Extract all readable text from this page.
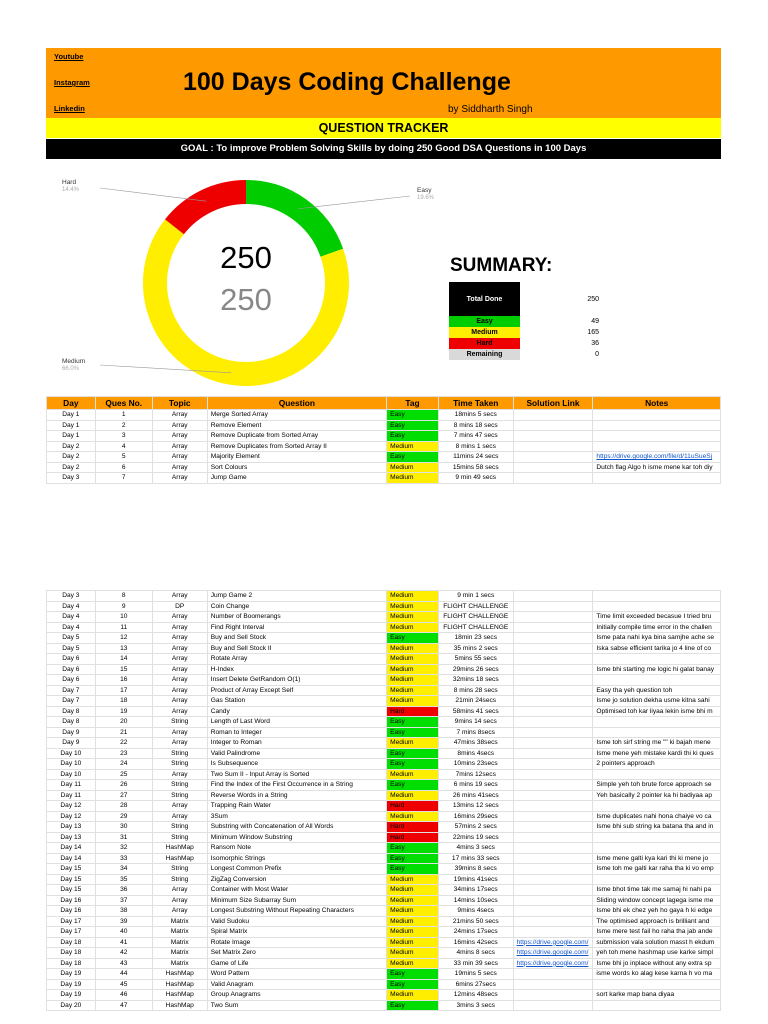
Youtube
Instagram
Linkedin
100 Days Coding Challenge
by Siddharth Singh
QUESTION TRACKER
GOAL : To improve Problem Solving Skills by doing 250 Good DSA Questions in 100 Days
Easy
19.6%
Medium
66.0%
Hard
14.4%
250
250
SUMMARY:
Total Done	250
Easy	49
Medium	165
Hard	36
Remaining	0
Day	Ques No.	Topic	Question	Tag	Time Taken	Solution Link	Notes
Day 1	1	Array	Merge Sorted Array	Easy	18mins 5 secs		
Day 1	2	Array	Remove Element	Easy	8 mins 18 secs		
Day 1	3	Array	Remove Duplicate from Sorted Array	Easy	7 mins 47 secs		
Day 2	4	Array	Remove Duplicates from Sorted Array II	Medium	8 mins 1 secs		
Day 2	5	Array	Majority Element	Easy	11mins 24 secs		https://drive.google.com/file/d/11uSueSj
Day 2	6	Array	Sort Colours	Medium	15mins 58 secs		Dutch flag Algo h isme mene kar toh diy
Day 3	7	Array	Jump Game	Medium	9 min 49 secs		
Day 3	8	Array	Jump Game 2	Medium	9 min 1 secs		
Day 4	9	DP	Coin Change	Medium	FLIGHT CHALLENGE		
Day 4	10	Array	Number of Boomerangs	Medium	FLIGHT CHALLENGE		Time limit exceeded becasue I tried bru
Day 4	11	Array	Find Right Interval	Medium	FLIGHT CHALLENGE		Initially compile time error in the challen
Day 5	12	Array	Buy and Sell Stock	Easy	18min 23 secs		Isme pata nahi kya bina samjhe ache se
Day 5	13	Array	Buy and Sell Stock II	Medium	35 mins 2 secs		Iska sabse efficient tarika jo 4 line of co
Day 6	14	Array	Rotate Array	Medium	5mins 55 secs		
Day 6	15	Array	H-Index	Medium	29mins 26 secs		Isme bhi starting me logic hi galat banay
Day 6	16	Array	Insert Delete GetRandom O(1)	Medium	32mins 18 secs		
Day 7	17	Array	Product of Array Except Self	Medium	8 mins 28 secs		Easy tha yeh question toh
Day 7	18	Array	Gas Station	Medium	21min 24secs		Isme jo solution dekha usme kitna sahi
Day 8	19	Array	Candy	Hard	58mins 41 secs		Optimised toh kar liyaa lekin isme bhi m
Day 8	20	String	Length of Last Word	Easy	9mins 14 secs		
Day 9	21	Array	Roman to Integer	Easy	7 mins 8secs		
Day 9	22	Array	Integer to Roman	Medium	47mins 38secs		Isme toh sirf string me "" ki bajah mene
Day 10	23	String	Valid Palindrome	Easy	8mins 4secs		Isme mene yeh mistake kardi thi ki ques
Day 10	24	String	Is Subsequence	Easy	10mins 23secs		2 pointers approach
Day 10	25	Array	Two Sum II - Input Array is Sorted	Medium	7mins 12secs		
Day 11	26	String	Find the Index of the First Occurrence in a String	Easy	6 mins 19 secs		Simple yeh toh brute force approach se
Day 11	27	String	Reverse Words in a String	Medium	26 mins 41secs		Yeh basically 2 pointer ka hi badiyaa ap
Day 12	28	Array	Trapping Rain Water	Hard	13mins 12 secs		
Day 12	29	Array	3Sum	Medium	16mins 29secs		Isme duplicates nahi hona chaiye vo ca
Day 13	30	String	Substring with Concatenation of All Words	Hard	57mins 2 secs		Isme bhi sub string ka batana tha and in
Day 13	31	String	Minimum Window Substring	Hard	22mins 19 secs		
Day 14	32	HashMap	Ransom Note	Easy	4mins 3 secs		
Day 14	33	HashMap	Isomorphic Strings	Easy	17 mins 33 secs		Isme mene galti kya kari thi ki mene jo
Day 15	34	String	Longest Common Prefix	Easy	39mins 8 secs		Isme toh me galti kar raha tha ki vo emp
Day 15	35	String	ZigZag Conversion	Medium	19mins 41secs		
Day 15	36	Array	Container with Most Water	Medium	34mins 17secs		Isme bhot time tak me samaj hi nahi pa
Day 16	37	Array	Minimum Size Subarray Sum	Medium	14mins 10secs		Sliding window concept lagega isme me
Day 16	38	Array	Longest Substring Without Repeating Characters	Medium	9mins 4secs		Isme bhi ek chez yeh ho gaya h ki edge
Day 17	39	Matrix	Valid Sudoku	Medium	21mins 50 secs		The optimised approach is brilliant and
Day 17	40	Matrix	Spiral Matrix	Medium	24mins 17secs		Isme mere test fail ho raha tha jab ande
Day 18	41	Matrix	Rotate Image	Medium	16mins 42secs	https://drive.google.com/	submission vala solution masst h ekdum
Day 18	42	Matrix	Set Matrix Zero	Medium	4mins 8 secs	https://drive.google.com/	yeh toh mene hashmap use karke simpl
Day 18	43	Matrix	Game of Life	Medium	33 min 39 secs	https://drive.google.com/	Isme bhi jo inplace without any extra sp
Day 19	44	HashMap	Word Pattern	Easy	19mins 5 secs		isme words ko alag kese karna h vo ma
Day 19	45	HashMap	Valid Anagram	Easy	6mins 27secs		
Day 19	46	HashMap	Group Anagrams	Medium	12mins 48secs		sort karke map bana diyaa
Day 20	47	HashMap	Two Sum	Easy	3mins 3 secs		
